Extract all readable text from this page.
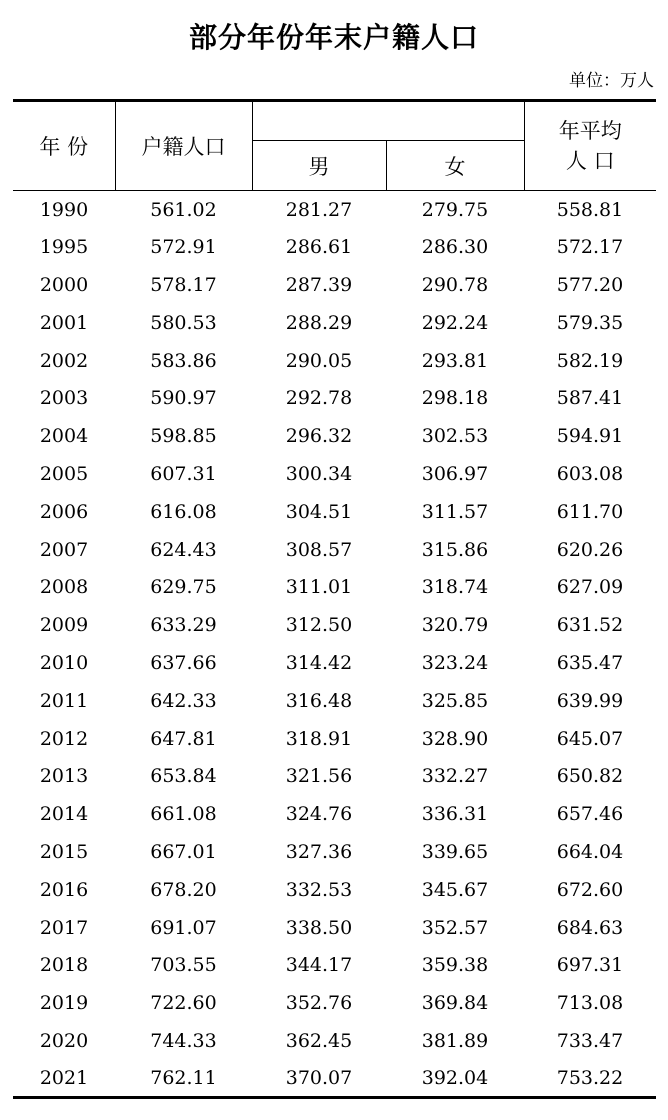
部分年份年末户籍人口
单位：万人
年 份	户籍人口			年平均
人 口

		男	女	
1990	561.02	281.27	279.75	558.81
1995	572.91	286.61	286.30	572.17
2000	578.17	287.39	290.78	577.20
2001	580.53	288.29	292.24	579.35
2002	583.86	290.05	293.81	582.19
2003	590.97	292.78	298.18	587.41
2004	598.85	296.32	302.53	594.91
2005	607.31	300.34	306.97	603.08
2006	616.08	304.51	311.57	611.70
2007	624.43	308.57	315.86	620.26
2008	629.75	311.01	318.74	627.09
2009	633.29	312.50	320.79	631.52
2010	637.66	314.42	323.24	635.47
2011	642.33	316.48	325.85	639.99
2012	647.81	318.91	328.90	645.07
2013	653.84	321.56	332.27	650.82
2014	661.08	324.76	336.31	657.46
2015	667.01	327.36	339.65	664.04
2016	678.20	332.53	345.67	672.60
2017	691.07	338.50	352.57	684.63
2018	703.55	344.17	359.38	697.31
2019	722.60	352.76	369.84	713.08
2020	744.33	362.45	381.89	733.47
2021	762.11	370.07	392.04	753.22
